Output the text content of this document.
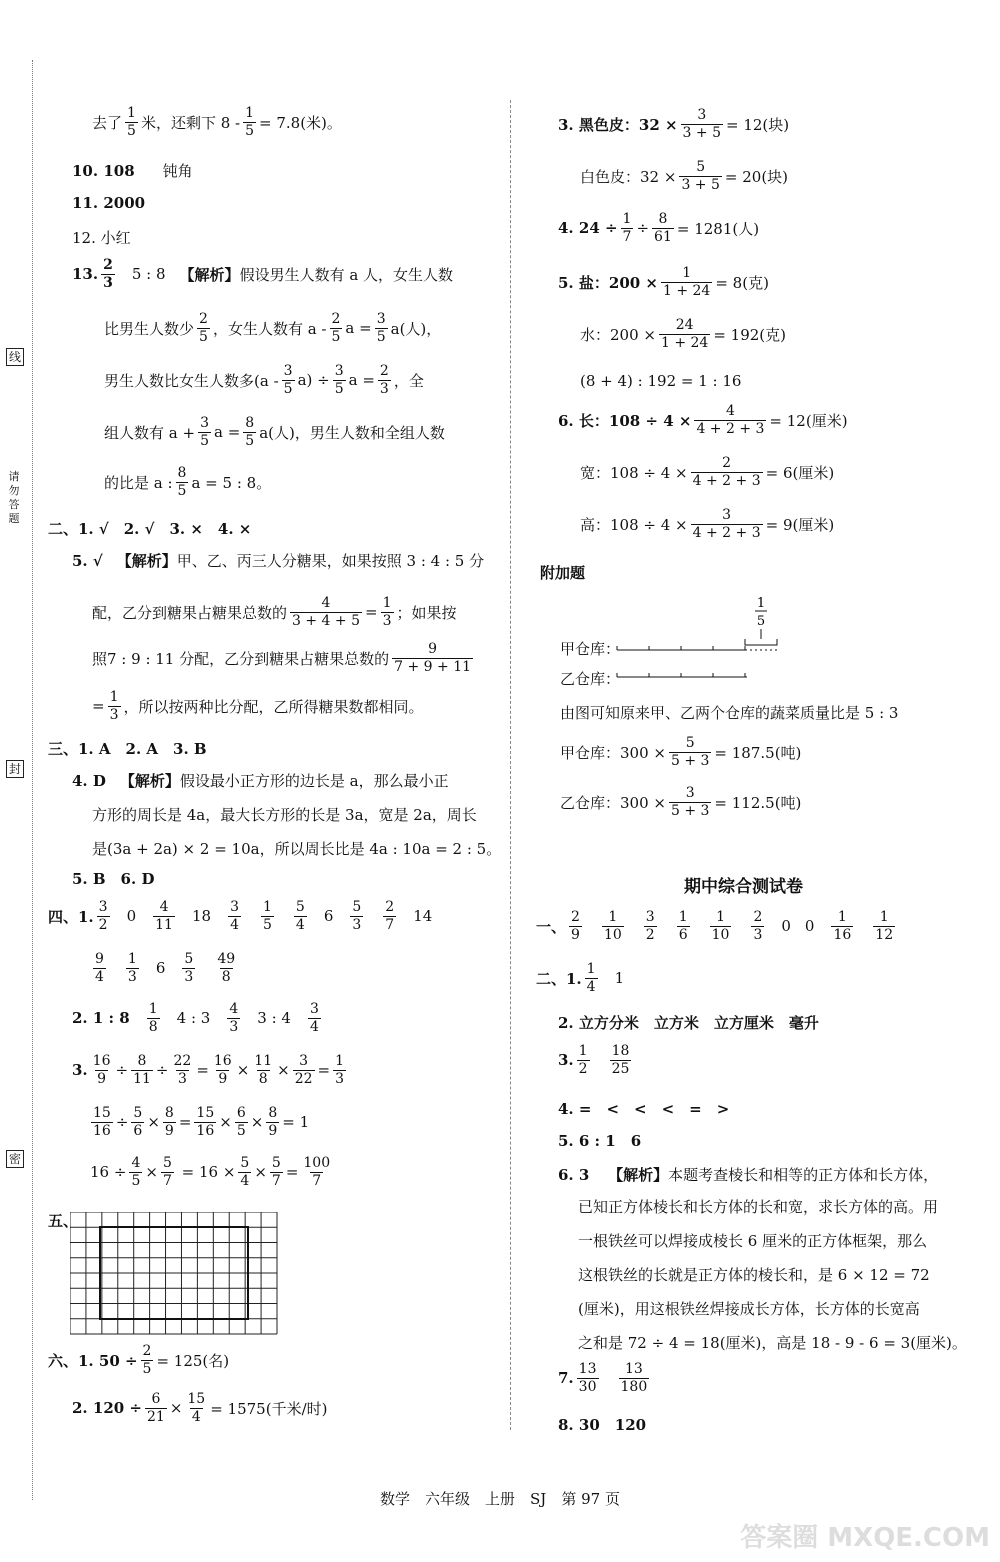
线
请
勿
答
题
封
密
去了
1
5 米，还剩下 $8 - \frac{1}{5} = 7.8$(米)。
10. 108 钝角
11. 2000
12. 小红
13.
2
3 5 : 8 【解析】 假设男生人数有 a 人，女生人数
比男生人数少
2
5 ，女生人数有 a -
2
5 $a = \frac{3}{5} a$(人)，
男生人数比女生人数多(a -
3
5 $a) \div \frac{3}{5}$ $a = \frac{2}{3}$ ，全
组人数有 $a + \frac{3}{5}$ $a = \frac{8}{5} a$(人)，男生人数和全组人数
的比是 a :
8
5 a = 5 : 8。
二、1. √　2. √　3. ×　4. ×
5. √ 【解析】 甲、乙、丙三人分糖果，如果按照 3 : 4 : 5 分
配，乙分到糖果占糖果总数的 $\frac{4}{3 + 4 + 5} = \frac{1}{3}$ ；如果按
照7 : 9 : 11 分配，乙分到糖果占糖果总数的
9
7 + 9 + 11
= $\frac{1}{3}$ ，所以按两种比分配，乙所得糖果数都相同。
三、1. A　2. A　3. B
4. D 【解析】 假设最小正方形的边长是 a，那么最小正
方形的周长是 4a，最大长方形的长是 3a，宽是 2a，周长
是(3a + 2a) × 2 = 10a，所以周长比是 4a : 10a = 2 : 5。
5. B　6. D
四、1.
3
2 0
4
11 18
3
4
1
5
5
4 6
5
3
2
7 14
9
4
1
3 6
5
3
49
8
2. 1 : 8
1
8 4 : 3
4
3 3 : 4
3
4
3. $\frac{16}{9} \div \frac{8}{11} \div \frac{22}{3} = \frac{16}{9} \times \frac{11}{8} \times \frac{3}{22} = \frac{1}{3}$
$\frac{15}{16} \div \frac{5}{6} \times \frac{8}{9} = \frac{15}{16} \times \frac{6}{5} \times \frac{8}{9} = 1$
$16 \div \frac{4}{5} \times \frac{5}{7} = 16 \times \frac{5}{4} \times \frac{5}{7} = \frac{100}{7}$
五、
六、1. $50 \div \frac{2}{5} = 125$(名)
2. $120 \div \frac{6}{21} \times \frac{15}{4} = 1575$(千米/时)
3. 黑色皮：$32 \times \frac{3}{3 + 5} = 12$(块)
白色皮：$32 \times \frac{5}{3 + 5} = 20$(块)
4. $24 \div \frac{1}{7} \div \frac{8}{61} = 1281$(人)
5. 盐：$200 \times \frac{1}{1 + 24} = 8$(克)
水：$200 \times \frac{24}{1 + 24} = 192$(克)
(8 + 4) : 192 = 1 : 16
6. 长：$108 \div 4 \times \frac{4}{4 + 2 + 3} = 12$(厘米)
宽：$108 \div 4 \times \frac{2}{4 + 2 + 3} = 6$(厘米)
高：$108 \div 4 \times \frac{3}{4 + 2 + 3} = 9$(厘米)
附加题
1
5
甲仓库：
乙仓库：
由图可知原来甲、乙两个仓库的蔬菜质量比是 5 : 3
甲仓库：$300 \times \frac{5}{5 + 3} = 187.5$(吨)
乙仓库：$300 \times \frac{3}{5 + 3} = 112.5$(吨)
期中综合测试卷
一、
2
9
1
10
3
2
1
6
1
10
2
3 0 0
1
16
1
12
二、1.
1
4 1
2. 立方分米　立方米　立方厘米　毫升
3.
1
2
18
25
4. =　<　<　<　=　>
5. 6 : 1　6
6. 3 【解析】本题考查棱长和相等的正方体和长方体，
已知正方体棱长和长方体的长和宽，求长方体的高。用
一根铁丝可以焊接成棱长 6 厘米的正方体框架，那么
这根铁丝的长就是正方体的棱长和，是 6 × 12 = 72
(厘米)，用这根铁丝焊接成长方体，长方体的长宽高
之和是 72 ÷ 4 = 18(厘米)，高是 18 - 9 - 6 = 3(厘米)。
7.
13
30
13
180
8. 30　120
数学　六年级　上册　SJ　第 97 页
答案圈 MXQE.COM
